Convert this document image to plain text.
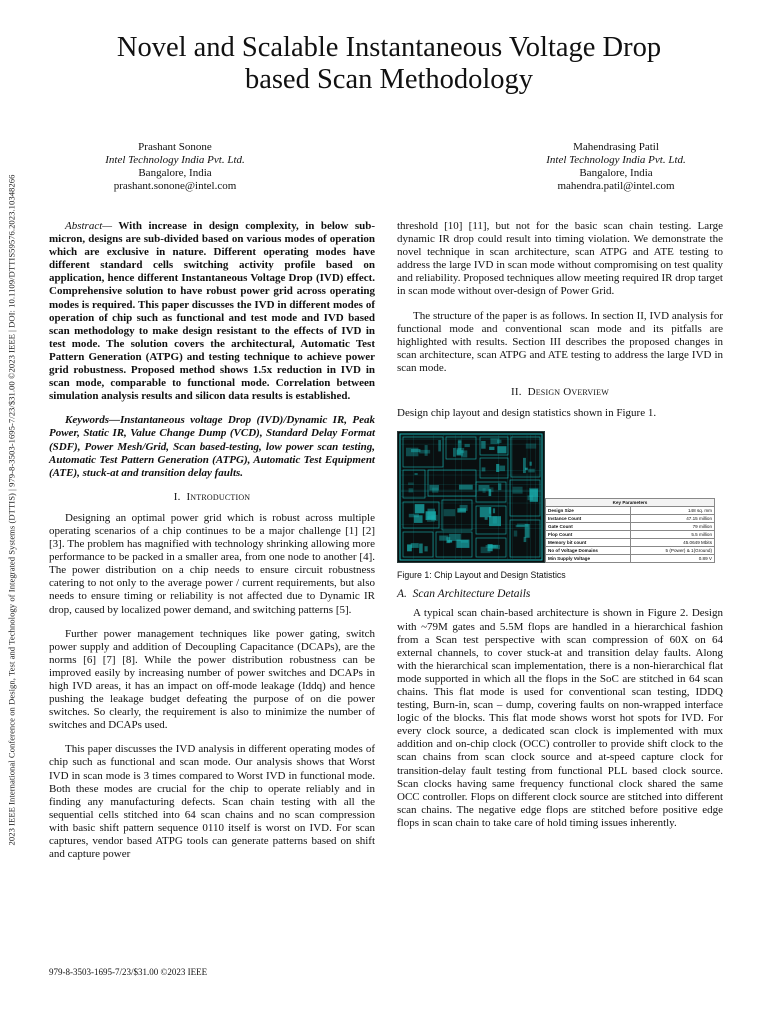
2023 IEEE International Conference on Design, Test and Technology of Integrated Systems (DTTIS) | 979-8-3503-1695-7/23/$31.00 ©2023 IEEE | DOI: 10.1109/DTTIS59576.2023.10348266
Novel and Scalable Instantaneous Voltage Drop
based Scan Methodology
Prashant Sonone
Intel Technology India Pvt. Ltd.
Bangalore, India
prashant.sonone@intel.com
Mahendrasing Patil
Intel Technology India Pvt. Ltd.
Bangalore, India
mahendra.patil@intel.com

Abstract— With increase in design complexity, in below sub-micron, designs are sub-divided based on various modes of operation which are exclusive in nature. Different operating modes have different standard cells switching activity profile based on application, hence different Instantaneous Voltage Drop (IVD) effect. Comprehensive solution to have robust power grid across operating modes is required. This paper discusses the IVD in different modes of operation of chip such as functional and test mode and IVD based scan methodology to make design resistant to the effects of IVD in test mode. The solution covers the architectural, Automatic Test Pattern Generation (ATPG) and testing technique to achieve power grid robustness. Proposed method shows 1.5x reduction in IVD in scan mode, comparable to functional mode. Correlation between simulation analysis results and silicon data results is established.

Keywords—Instantaneous voltage Drop (IVD)/Dynamic IR, Peak Power, Static IR, Value Change Dump (VCD), Standard Delay Format (SDF), Power Mesh/Grid, Scan based-testing, low power scan testing, Automatic Test Pattern Generation (ATPG), Automatic Test Equipment (ATE), stuck-at and transition delay faults.

I. Introduction

Designing an optimal power grid which is robust across multiple operating scenarios of a chip continues to be a major challenge [1] [2] [3]. The problem has magnified with technology shrinking allowing more performance to be packed in a smaller area, from one node to another [4]. The power distribution on a chip needs to ensure circuit robustness catering to not only to the average power / current requirements, but also needs to ensure timing or reliability is not affected due to Dynamic IR drop, caused by localized power demand, and switching patterns [5].

Further power management techniques like power gating, switch power supply and addition of Decoupling Capacitance (DCAPs), are the norms [6] [7] [8]. While the power distribution robustness can be improved easily by increasing number of power switches and DCAPs in high IVD areas, it has an impact on off-mode leakage (Iddq) and hence pushing the leakage budget defeating the purpose of on die power switches. So clearly, the requirement is also to minimize the number of switches and DCAPs used.

This paper discusses the IVD analysis in different operating modes of chip such as functional and scan mode. Our analysis shows that Worst IVD in scan mode is 3 times compared to Worst IVD in functional mode. Both these modes are crucial for the chip to operate reliably and in finding any manufacturing defects. Scan chain testing with all the sequential cells stitched into 64 scan chains and no scan compression with basic shift pattern sequence 0110 itself is worst on IVD. For scan captures, vendor based ATPG tools can generate patterns based on shift and capture power

threshold [10] [11], but not for the basic scan chain testing. Large dynamic IR drop could result into timing violation. We demonstrate the novel technique in scan architecture, scan ATPG and ATE testing to address the large IVD in scan mode without compromising on test quality and reliability. Proposed techniques allow meeting required IR drop target in scan mode without over-design of Power Grid.

The structure of the paper is as follows. In section II, IVD analysis for functional mode and conventional scan mode and its pitfalls are highlighted with results. Section III describes the proposed changes in scan architecture, scan ATPG and ATE testing to address the large IVD in scan mode.

II. Design Overview

Design chip layout and design statistics shown in Figure 1.

Key Parameters	
Design Size	148 sq. mm
Instance Count	47.15 million
Gate Count	79 million
Flop Count	5.5 million
Memory bit count	45.0649 Mbits
No of Voltage Domains	5 (Power) & 1(Ground)
Min Supply Voltage	0.89 V
Figure 1: Chip Layout and Design Statistics
A. Scan Architecture Details

A typical scan chain-based architecture is shown in Figure 2. Design with ~79M gates and 5.5M flops are handled in a hierarchical fashion from a Scan test perspective with scan compression of 60X on 64 external channels, to cover stuck-at and transition delay faults. Along with the hierarchical scan implementation, there is a non-hierarchical flat mode supported in which all the flops in the SoC are stitched in 64 scan chains. This flat mode is used for conventional scan testing, IDDQ testing, Burn-in, scan – dump, covering faults on non-wrapped interface logic of the blocks. This flat mode shows worst hot spots for IVD. For every clock source, a dedicated scan clock is implemented with mux addition and on-chip clock (OCC) controller to provide shift clock to the scan chains from scan clock source and at-speed capture clock for transition-delay fault testing from functional PLL based clock source. Scan clocks having same frequency functional clock shared the same OCC controller. Flops on different clock source are stitched into different scan chains. The negative edge flops are stitched before positive edge flops in scan chain to take care of hold timing issues inherently.

979-8-3503-1695-7/23/$31.00 ©2023 IEEE
